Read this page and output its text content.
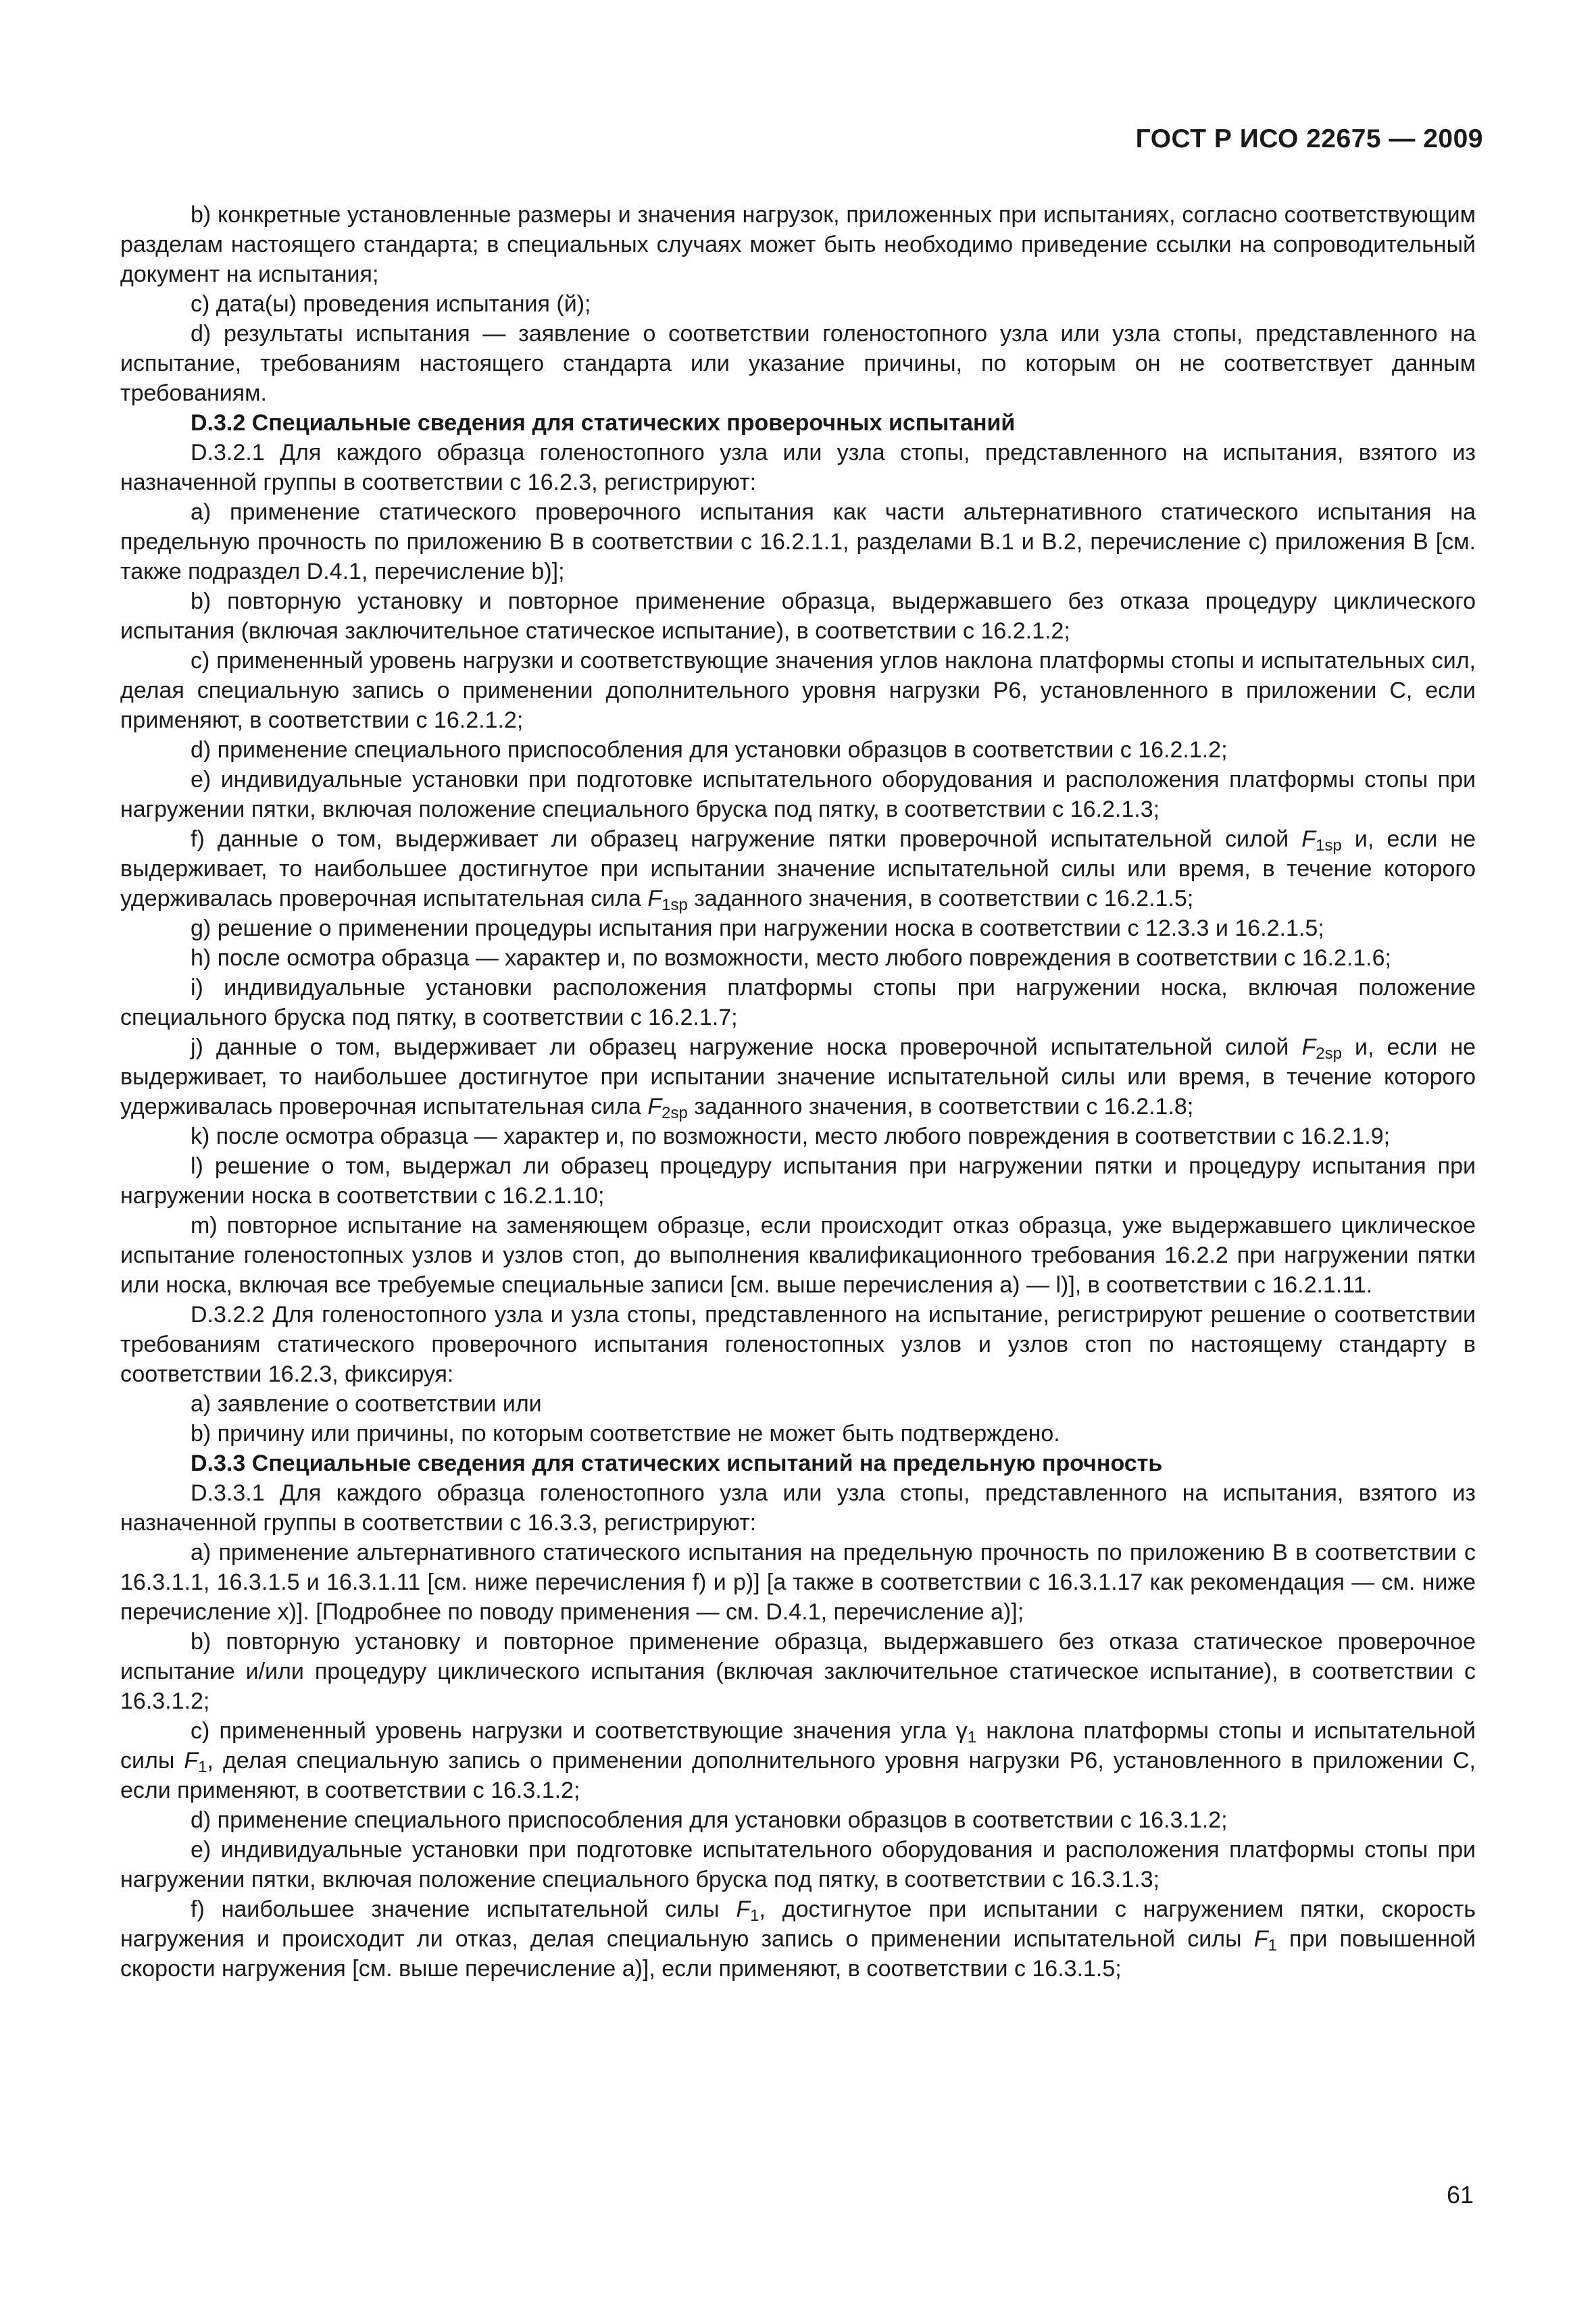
ГОСТ Р ИСО 22675 — 2009

b) конкретные установленные размеры и значения нагрузок, приложенных при испытаниях, согласно соответствующим разделам настоящего стандарта; в специальных случаях может быть необходимо приведение ссылки на сопроводительный документ на испытания;

с) дата(ы) проведения испытания (й);

d) результаты испытания — заявление о соответствии голеностопного узла или узла стопы, представленного на испытание, требованиям настоящего стандарта или указание причины, по которым он не соответствует данным требованиям.

D.3.2 Специальные сведения для статических проверочных испытаний

D.3.2.1 Для каждого образца голеностопного узла или узла стопы, представленного на испытания, взятого из назначенной группы в соответствии с 16.2.3, регистрируют:

а) применение статического проверочного испытания как части альтернативного статического испытания на предельную прочность по приложению В в соответствии с 16.2.1.1, разделами В.1 и В.2, перечисление с) приложения В [см. также подраздел D.4.1, перечисление b)];

b) повторную установку и повторное применение образца, выдержавшего без отказа процедуру циклического испытания (включая заключительное статическое испытание), в соответствии с 16.2.1.2;

с) примененный уровень нагрузки и соответствующие значения углов наклона платформы стопы и испытательных сил, делая специальную запись о применении дополнительного уровня нагрузки Р6, установленного в приложении С, если применяют, в соответствии с 16.2.1.2;

d) применение специального приспособления для установки образцов в соответствии с 16.2.1.2;

е) индивидуальные установки при подготовке испытательного оборудования и расположения платформы стопы при нагружении пятки, включая положение специального бруска под пятку, в соответствии с 16.2.1.3;

f) данные о том, выдерживает ли образец нагружение пятки проверочной испытательной силой $F_{1sp}$ и, если не выдерживает, то наибольшее достигнутое при испытании значение испытательной силы или время, в течение которого удерживалась проверочная испытательная сила $F_{1sp}$ заданного значения, в соответствии с 16.2.1.5;

g) решение о применении процедуры испытания при нагружении носка в соответствии с 12.3.3 и 16.2.1.5;

h) после осмотра образца — характер и, по возможности, место любого повреждения в соответствии с 16.2.1.6;

i) индивидуальные установки расположения платформы стопы при нагружении носка, включая положение специального бруска под пятку, в соответствии с 16.2.1.7;

j) данные о том, выдерживает ли образец нагружение носка проверочной испытательной силой $F_{2sp}$ и, если не выдерживает, то наибольшее достигнутое при испытании значение испытательной силы или время, в течение которого удерживалась проверочная испытательная сила $F_{2sp}$ заданного значения, в соответствии с 16.2.1.8;

k) после осмотра образца — характер и, по возможности, место любого повреждения в соответствии с 16.2.1.9;

l) решение о том, выдержал ли образец процедуру испытания при нагружении пятки и процедуру испытания при нагружении носка в соответствии с 16.2.1.10;

m) повторное испытание на заменяющем образце, если происходит отказ образца, уже выдержавшего циклическое испытание голеностопных узлов и узлов стоп, до выполнения квалификационного требования 16.2.2 при нагружении пятки или носка, включая все требуемые специальные записи [см. выше перечисления а) — l)], в соответствии с 16.2.1.11.

D.3.2.2 Для голеностопного узла и узла стопы, представленного на испытание, регистрируют решение о соответствии требованиям статического проверочного испытания голеностопных узлов и узлов стоп по настоящему стандарту в соответствии 16.2.3, фиксируя:

а) заявление о соответствии или

b) причину или причины, по которым соответствие не может быть подтверждено.

D.3.3 Специальные сведения для статических испытаний на предельную прочность

D.3.3.1 Для каждого образца голеностопного узла или узла стопы, представленного на испытания, взятого из назначенной группы в соответствии с 16.3.3, регистрируют:

а) применение альтернативного статического испытания на предельную прочность по приложению В в соответствии с 16.3.1.1, 16.3.1.5 и 16.3.1.11 [см. ниже перечисления f) и р)] [а также в соответствии с 16.3.1.17 как рекомендация — см. ниже перечисление х)]. [Подробнее по поводу применения — см. D.4.1, перечисление а)];

b) повторную установку и повторное применение образца, выдержавшего без отказа статическое проверочное испытание и/или процедуру циклического испытания (включая заключительное статическое испытание), в соответствии с 16.3.1.2;

с) примененный уровень нагрузки и соответствующие значения угла $\gamma_1$ наклона платформы стопы и испытательной силы $F_1$, делая специальную запись о применении дополнительного уровня нагрузки Р6, установленного в приложении С, если применяют, в соответствии с 16.3.1.2;

d) применение специального приспособления для установки образцов в соответствии с 16.3.1.2;

е) индивидуальные установки при подготовке испытательного оборудования и расположения платформы стопы при нагружении пятки, включая положение специального бруска под пятку, в соответствии с 16.3.1.3;

f) наибольшее значение испытательной силы $F_1$, достигнутое при испытании с нагружением пятки, скорость нагружения и происходит ли отказ, делая специальную запись о применении испытательной силы $F_1$ при повышенной скорости нагружения [см. выше перечисление а)], если применяют, в соответствии с 16.3.1.5;

61
